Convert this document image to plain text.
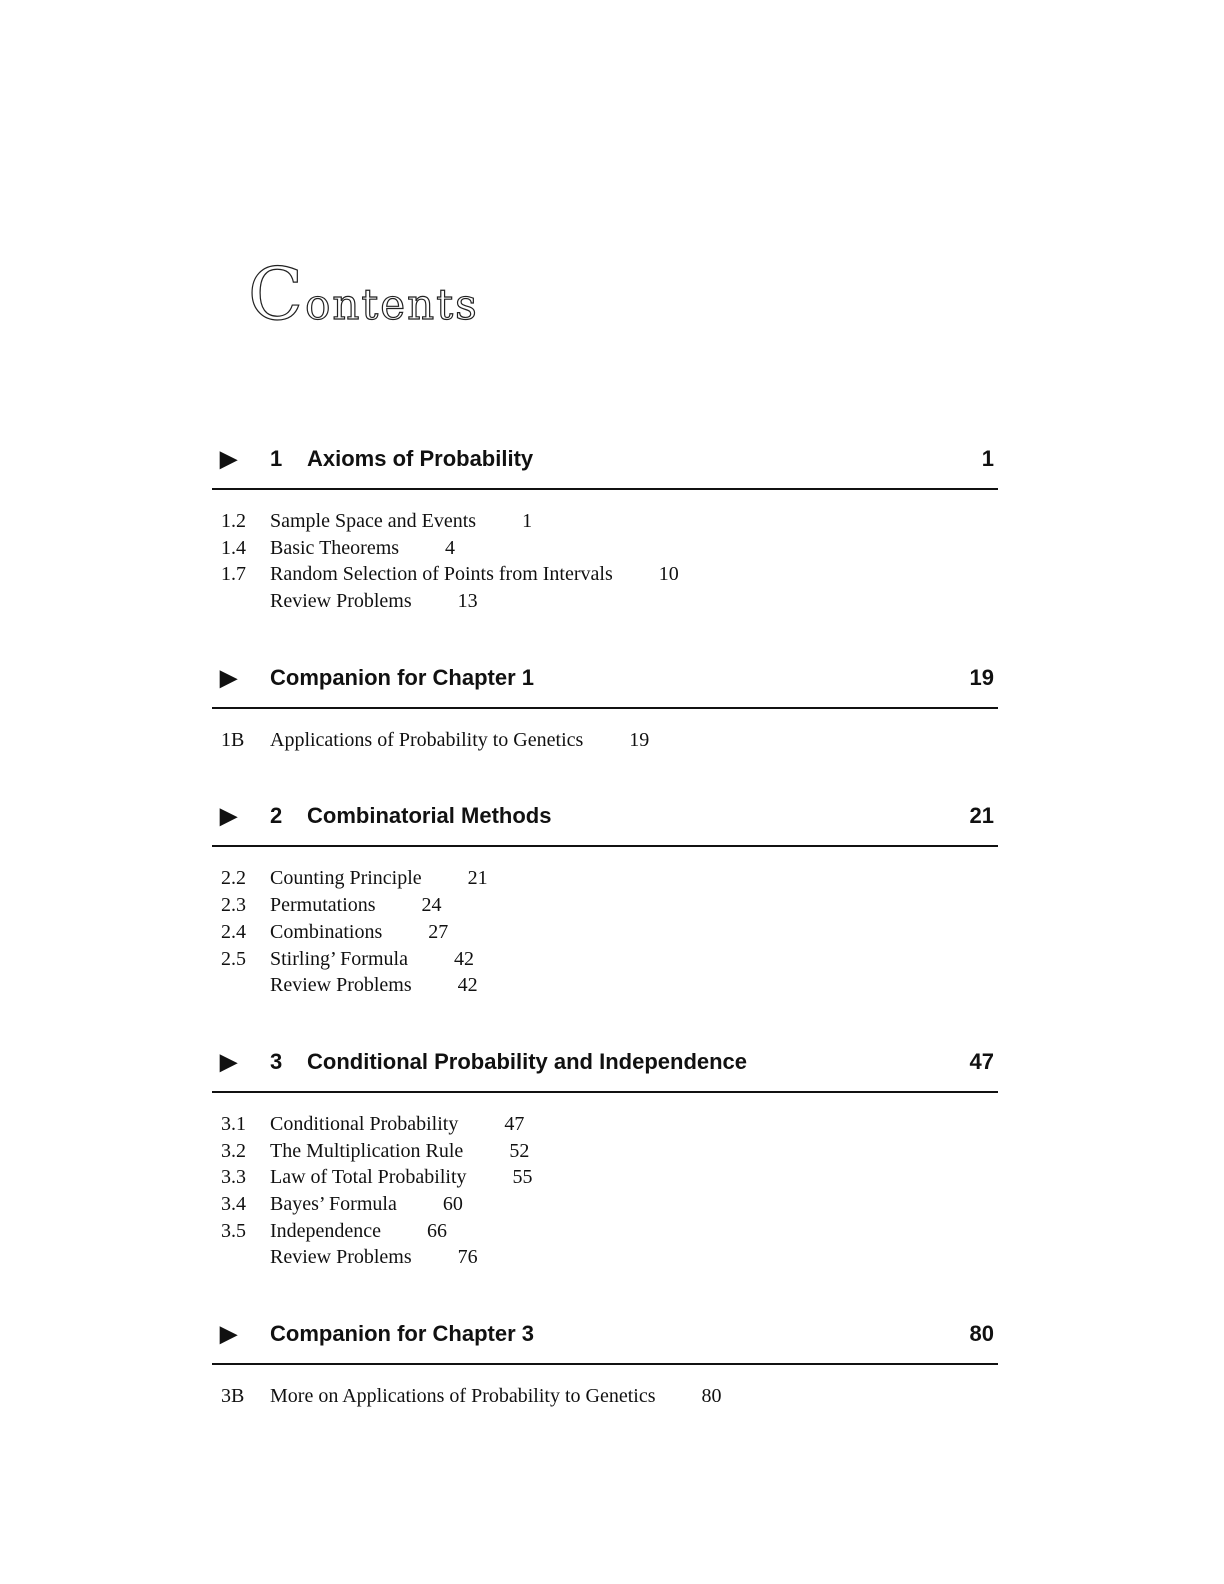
Contents
▶ 1 Axioms of Probability	1
1.2 Sample Space and Events 1
1.4 Basic Theorems 4
1.7 Random Selection of Points from Intervals 10
Review Problems 13
▶ Companion for Chapter 1	19
1B Applications of Probability to Genetics 19
▶ 2 Combinatorial Methods	21
2.2 Counting Principle 21
2.3 Permutations 24
2.4 Combinations 27
2.5 Stirling’ Formula 42
Review Problems 42
▶ 3 Conditional Probability and Independence	47
3.1 Conditional Probability 47
3.2 The Multiplication Rule 52
3.3 Law of Total Probability 55
3.4 Bayes’ Formula 60
3.5 Independence 66
Review Problems 76
▶ Companion for Chapter 3	80
3B More on Applications of Probability to Genetics 80
